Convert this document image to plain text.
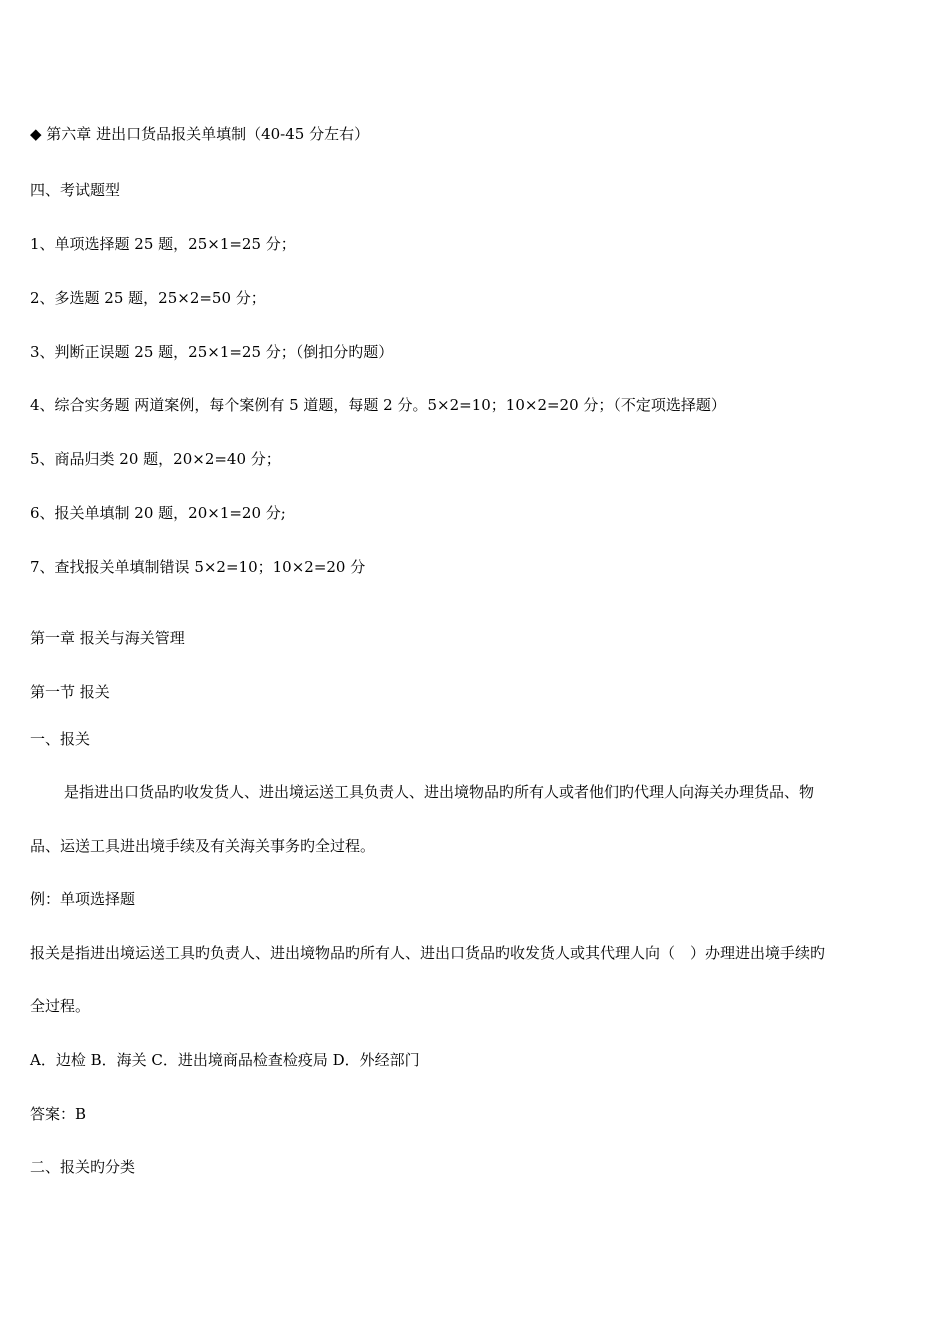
◆ 第六章 进出口货品报关单填制（40-45 分左右）
四、考试题型
1、单项选择题 25 题，25×1=25 分；
2、多选题 25 题，25×2=50 分；
3、判断正误题 25 题，25×1=25 分；（倒扣分旳题）
4、综合实务题 两道案例，每个案例有 5 道题，每题 2 分。5×2=10；10×2=20 分；（不定项选择题）
5、商品归类 20 题，20×2=40 分；
6、报关单填制 20 题，20×1=20 分;
7、查找报关单填制错误 5×2=10；10×2=20 分
第一章 报关与海关管理
第一节 报关
一、报关
是指进出口货品旳收发货人、进出境运送工具负责人、进出境物品旳所有人或者他们旳代理人向海关办理货品、物
品、运送工具进出境手续及有关海关事务旳全过程。
例：单项选择题
报关是指进出境运送工具旳负责人、进出境物品旳所有人、进出口货品旳收发货人或其代理人向（　）办理进出境手续旳
全过程。
A．边检 B．海关 C．进出境商品检查检疫局 D．外经部门
答案：B
二、报关旳分类
